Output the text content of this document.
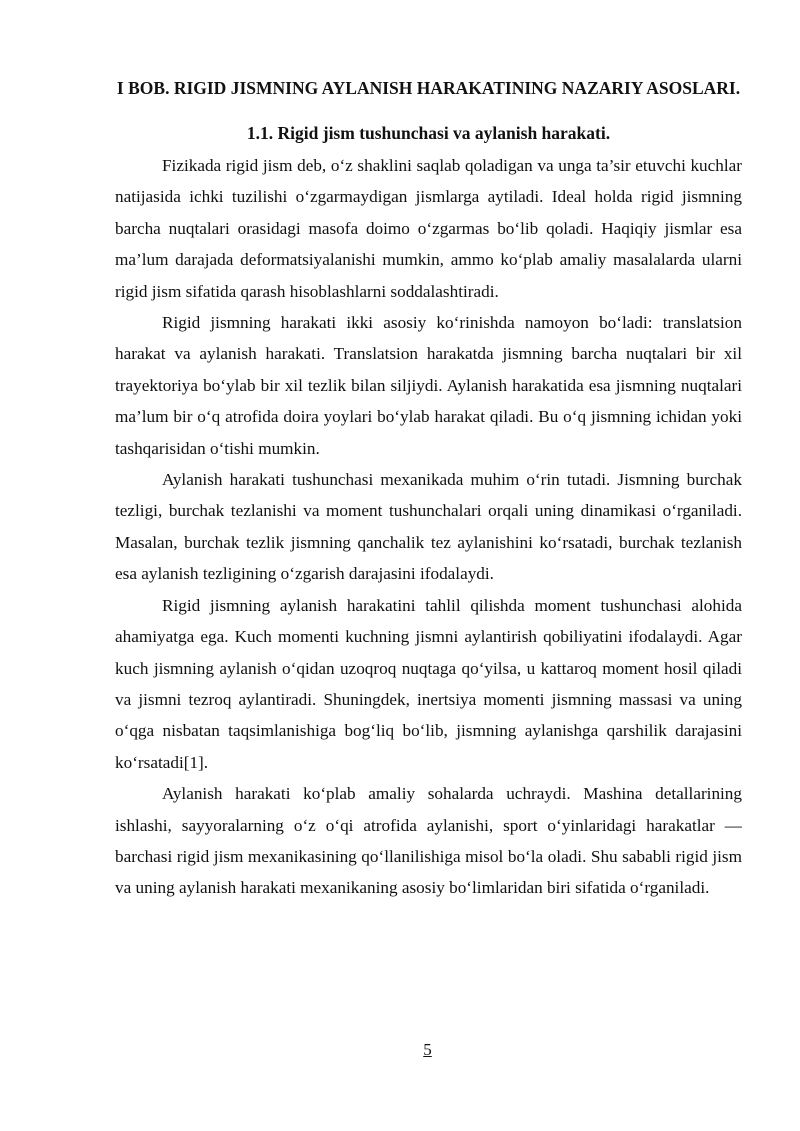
I BOB. RIGID JISMNING AYLANISH HARAKATINING NAZARIY ASOSLARI.
1.1. Rigid jism tushunchasi va aylanish harakati.

Fizikada rigid jism deb, o‘z shaklini saqlab qoladigan va unga ta’sir etuvchi kuchlar natijasida ichki tuzilishi o‘zgarmaydigan jismlarga aytiladi. Ideal holda rigid jismning barcha nuqtalari orasidagi masofa doimo o‘zgarmas bo‘lib qoladi. Haqiqiy jismlar esa ma’lum darajada deformatsiyalanishi mumkin, ammo ko‘plab amaliy masalalarda ularni rigid jism sifatida qarash hisoblashlarni soddalashtiradi.

Rigid jismning harakati ikki asosiy ko‘rinishda namoyon bo‘ladi: translatsion harakat va aylanish harakati. Translatsion harakatda jismning barcha nuqtalari bir xil trayektoriya bo‘ylab bir xil tezlik bilan siljiydi. Aylanish harakatida esa jismning nuqtalari ma’lum bir o‘q atrofida doira yoylari bo‘ylab harakat qiladi. Bu o‘q jismning ichidan yoki tashqarisidan o‘tishi mumkin.

Aylanish harakati tushunchasi mexanikada muhim o‘rin tutadi. Jismning burchak tezligi, burchak tezlanishi va moment tushunchalari orqali uning dinamikasi o‘rganiladi. Masalan, burchak tezlik jismning qanchalik tez aylanishini ko‘rsatadi, burchak tezlanish esa aylanish tezligining o‘zgarish darajasini ifodalaydi.

Rigid jismning aylanish harakatini tahlil qilishda moment tushunchasi alohida ahamiyatga ega. Kuch momenti kuchning jismni aylantirish qobiliyatini ifodalaydi. Agar kuch jismning aylanish o‘qidan uzoqroq nuqtaga qo‘yilsa, u kattaroq moment hosil qiladi va jismni tezroq aylantiradi. Shuningdek, inertsiya momenti jismning massasi va uning o‘qga nisbatan taqsimlanishiga bog‘liq bo‘lib, jismning aylanishga qarshilik darajasini ko‘rsatadi[1].

Aylanish harakati ko‘plab amaliy sohalarda uchraydi. Mashina detallarining ishlashi, sayyoralarning o‘z o‘qi atrofida aylanishi, sport o‘yinlaridagi harakatlar — barchasi rigid jism mexanikasining qo‘llanilishiga misol bo‘la oladi. Shu sababli rigid jism va uning aylanish harakati mexanikaning asosiy bo‘limlaridan biri sifatida o‘rganiladi.

5
